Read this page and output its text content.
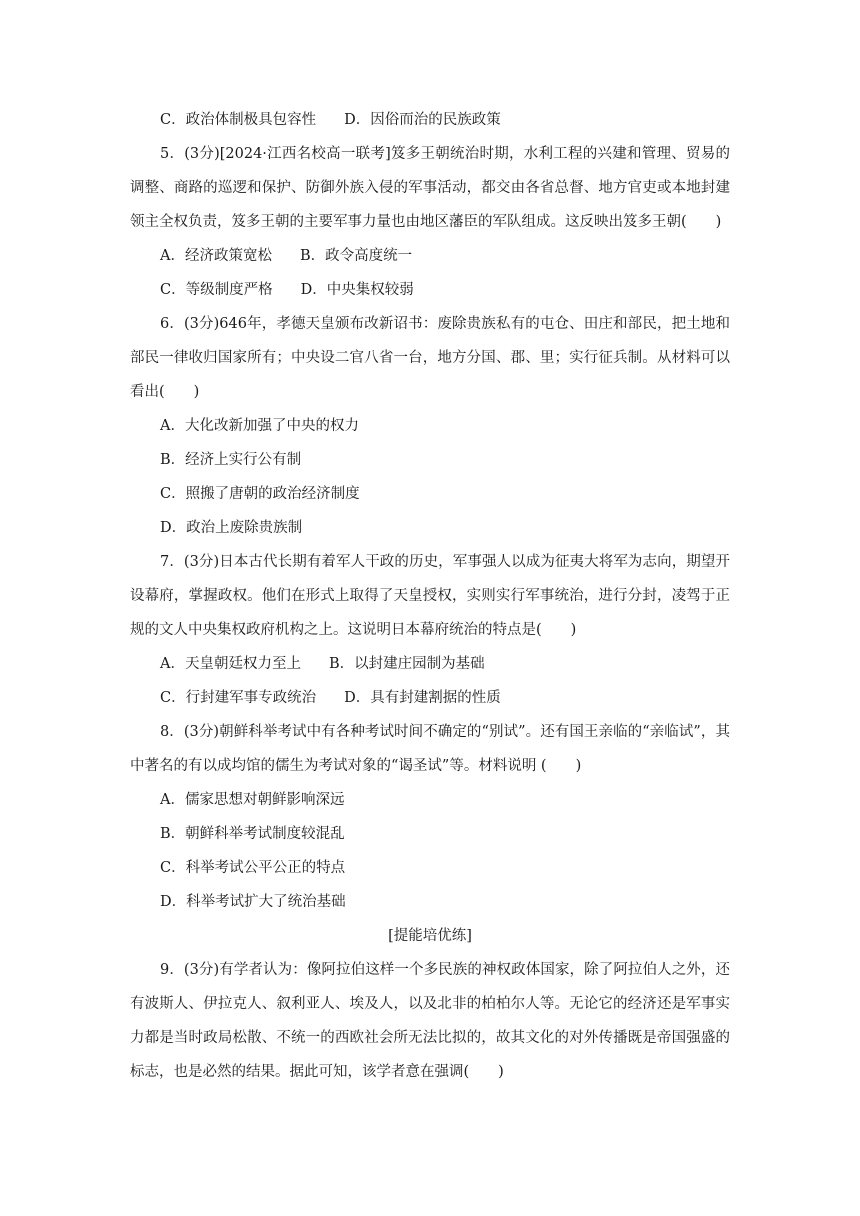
C．政治体制极具包容性 D．因俗而治的民族政策

5．(3分)[2024·江西名校高一联考]笈多王朝统治时期，水利工程的兴建和管理、贸易的调整、商路的巡逻和保护、防御外族入侵的军事活动，都交由各省总督、地方官吏或本地封建领主全权负责，笈多王朝的主要军事力量也由地区藩臣的军队组成。这反映出笈多王朝(　　)

A．经济政策宽松 B．政令高度统一

C．等级制度严格 D．中央集权较弱

6．(3分)646年，孝德天皇颁布改新诏书：废除贵族私有的屯仓、田庄和部民，把土地和部民一律收归国家所有；中央设二官八省一台，地方分国、郡、里；实行征兵制。从材料可以看出(　　)

A．大化改新加强了中央的权力

B．经济上实行公有制

C．照搬了唐朝的政治经济制度

D．政治上废除贵族制

7．(3分)日本古代长期有着军人干政的历史，军事强人以成为征夷大将军为志向，期望开设幕府，掌握政权。他们在形式上取得了天皇授权，实则实行军事统治，进行分封，凌驾于正规的文人中央集权政府机构之上。这说明日本幕府统治的特点是(　　)

A．天皇朝廷权力至上 B．以封建庄园制为基础

C．行封建军事专政统治 D．具有封建割据的性质

8．(3分)朝鲜科举考试中有各种考试时间不确定的“别试”。还有国王亲临的“亲临试”，其中著名的有以成均馆的儒生为考试对象的“谒圣试”等。材料说明 (　　)

A．儒家思想对朝鲜影响深远

B．朝鲜科举考试制度较混乱

C．科举考试公平公正的特点

D．科举考试扩大了统治基础

[提能培优练]

9．(3分)有学者认为：像阿拉伯这样一个多民族的神权政体国家，除了阿拉伯人之外，还有波斯人、伊拉克人、叙利亚人、埃及人，以及北非的柏柏尔人等。无论它的经济还是军事实力都是当时政局松散、不统一的西欧社会所无法比拟的，故其文化的对外传播既是帝国强盛的标志，也是必然的结果。据此可知，该学者意在强调(　　)
